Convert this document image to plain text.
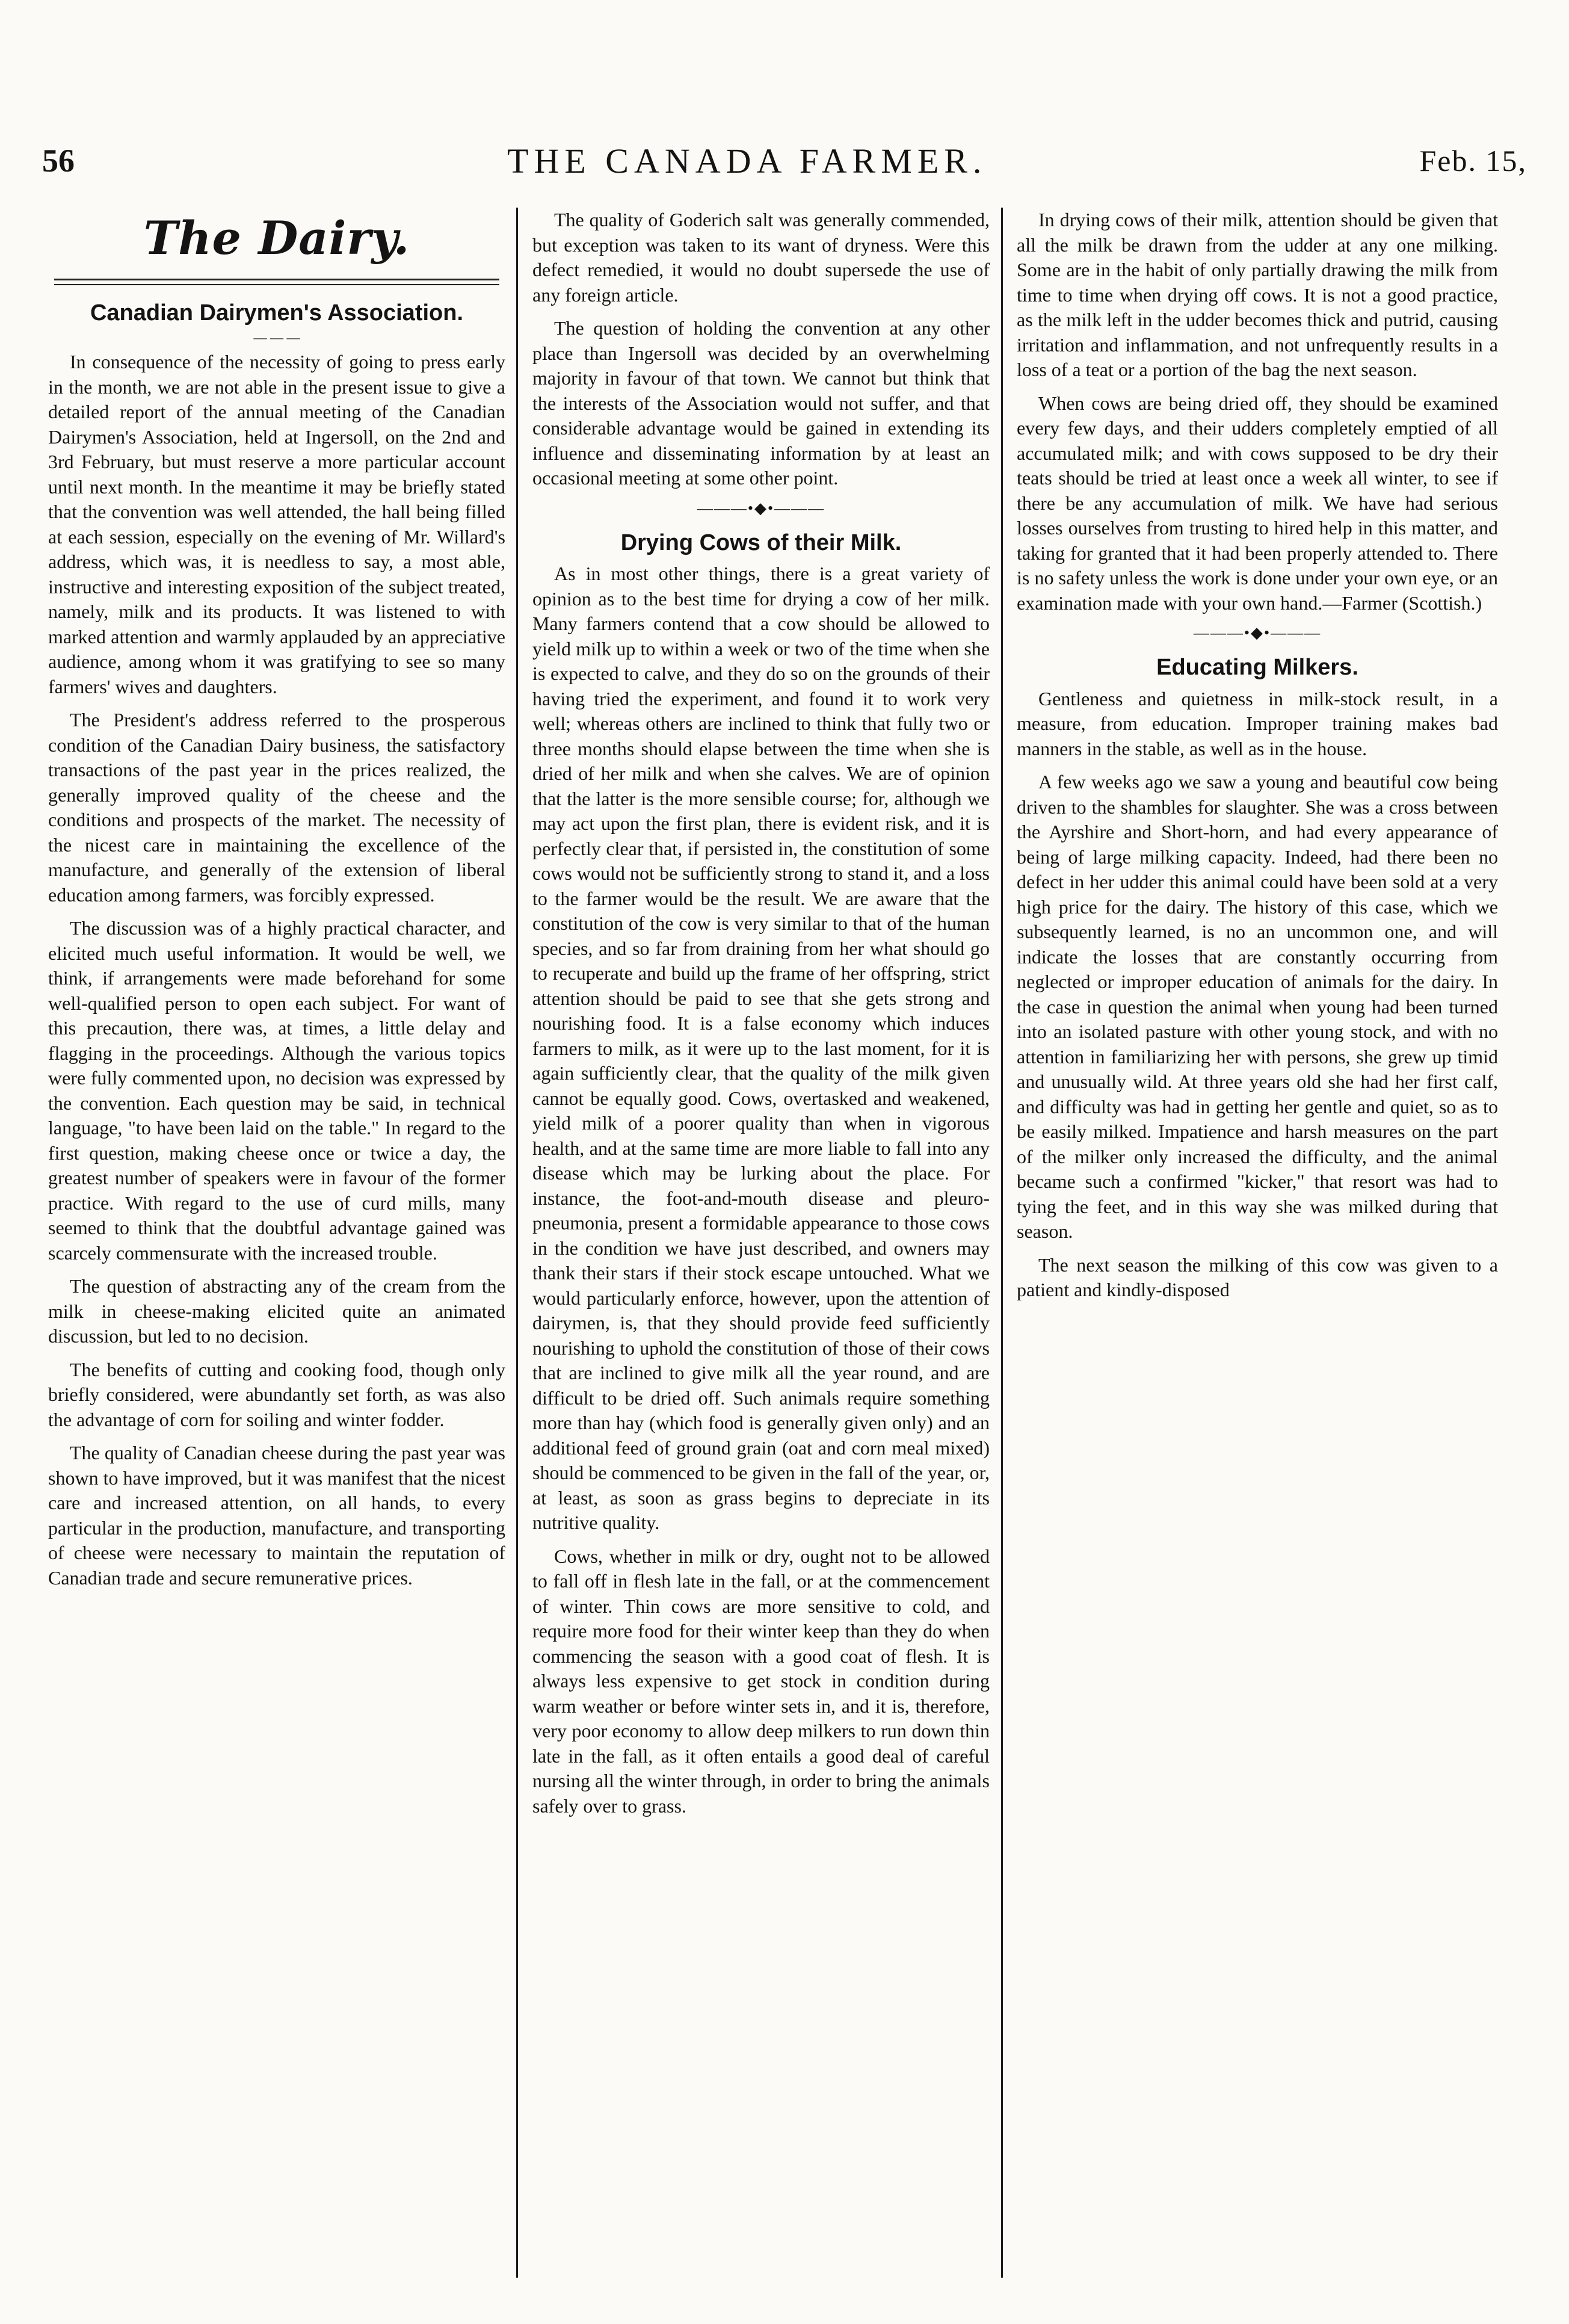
56	THE CANADA FARMER.	Feb. 15,
The Dairy.
Canadian Dairymen's Association.
— — —

In consequence of the necessity of going to press early in the month, we are not able in the present issue to give a detailed report of the annual meeting of the Canadian Dairymen's Association, held at Ingersoll, on the 2nd and 3rd February, but must reserve a more particular account until next month. In the meantime it may be briefly stated that the convention was well attended, the hall being filled at each session, especially on the evening of Mr. Willard's address, which was, it is needless to say, a most able, instructive and interesting exposition of the subject treated, namely, milk and its products. It was listened to with marked attention and warmly applauded by an appreciative audience, among whom it was gratifying to see so many farmers' wives and daughters.

The President's address referred to the prosperous condition of the Canadian Dairy business, the satisfactory transactions of the past year in the prices realized, the generally improved quality of the cheese and the conditions and prospects of the market. The necessity of the nicest care in maintaining the excellence of the manufacture, and generally of the extension of liberal education among farmers, was forcibly expressed.

The discussion was of a highly practical character, and elicited much useful information. It would be well, we think, if arrangements were made beforehand for some well-qualified person to open each subject. For want of this precaution, there was, at times, a little delay and flagging in the proceedings. Although the various topics were fully commented upon, no decision was expressed by the convention. Each question may be said, in technical language, "to have been laid on the table." In regard to the first question, making cheese once or twice a day, the greatest number of speakers were in favour of the former practice. With regard to the use of curd mills, many seemed to think that the doubtful advantage gained was scarcely commensurate with the increased trouble.

The question of abstracting any of the cream from the milk in cheese-making elicited quite an animated discussion, but led to no decision.

The benefits of cutting and cooking food, though only briefly considered, were abundantly set forth, as was also the advantage of corn for soiling and winter fodder.

The quality of Canadian cheese during the past year was shown to have improved, but it was manifest that the nicest care and increased attention, on all hands, to every particular in the production, manufacture, and transporting of cheese were necessary to maintain the reputation of Canadian trade and secure remunerative prices.

The quality of Goderich salt was generally commended, but exception was taken to its want of dryness. Were this defect remedied, it would no doubt supersede the use of any foreign article.

The question of holding the convention at any other place than Ingersoll was decided by an overwhelming majority in favour of that town. We cannot but think that the interests of the Association would not suffer, and that considerable advantage would be gained in extending its influence and disseminating information by at least an occasional meeting at some other point.

———•◆•———
Drying Cows of their Milk.

As in most other things, there is a great variety of opinion as to the best time for drying a cow of her milk. Many farmers contend that a cow should be allowed to yield milk up to within a week or two of the time when she is expected to calve, and they do so on the grounds of their having tried the experiment, and found it to work very well; whereas others are inclined to think that fully two or three months should elapse between the time when she is dried of her milk and when she calves. We are of opinion that the latter is the more sensible course; for, although we may act upon the first plan, there is evident risk, and it is perfectly clear that, if persisted in, the constitution of some cows would not be sufficiently strong to stand it, and a loss to the farmer would be the result. We are aware that the constitution of the cow is very similar to that of the human species, and so far from draining from her what should go to recuperate and build up the frame of her offspring, strict attention should be paid to see that she gets strong and nourishing food. It is a false economy which induces farmers to milk, as it were up to the last moment, for it is again sufficiently clear, that the quality of the milk given cannot be equally good. Cows, overtasked and weakened, yield milk of a poorer quality than when in vigorous health, and at the same time are more liable to fall into any disease which may be lurking about the place. For instance, the foot-and-mouth disease and pleuro-pneumonia, present a formidable appearance to those cows in the condition we have just described, and owners may thank their stars if their stock escape untouched. What we would particularly enforce, however, upon the attention of dairymen, is, that they should provide feed sufficiently nourishing to uphold the constitution of those of their cows that are inclined to give milk all the year round, and are difficult to be dried off. Such animals require something more than hay (which food is generally given only) and an additional feed of ground grain (oat and corn meal mixed) should be commenced to be given in the fall of the year, or, at least, as soon as grass begins to depreciate in its nutritive quality.

Cows, whether in milk or dry, ought not to be allowed to fall off in flesh late in the fall, or at the commencement of winter. Thin cows are more sensitive to cold, and require more food for their winter keep than they do when commencing the season with a good coat of flesh. It is always less expensive to get stock in condition during warm weather or before winter sets in, and it is, therefore, very poor economy to allow deep milkers to run down thin late in the fall, as it often entails a good deal of careful nursing all the winter through, in order to bring the animals safely over to grass.

In drying cows of their milk, attention should be given that all the milk be drawn from the udder at any one milking. Some are in the habit of only partially drawing the milk from time to time when drying off cows. It is not a good practice, as the milk left in the udder becomes thick and putrid, causing irritation and inflammation, and not unfrequently results in a loss of a teat or a portion of the bag the next season.

When cows are being dried off, they should be examined every few days, and their udders completely emptied of all accumulated milk; and with cows supposed to be dry their teats should be tried at least once a week all winter, to see if there be any accumulation of milk. We have had serious losses ourselves from trusting to hired help in this matter, and taking for granted that it had been properly attended to. There is no safety unless the work is done under your own eye, or an examination made with your own hand.—Farmer (Scottish.)

———•◆•———
Educating Milkers.

Gentleness and quietness in milk-stock result, in a measure, from education. Improper training makes bad manners in the stable, as well as in the house.

A few weeks ago we saw a young and beautiful cow being driven to the shambles for slaughter. She was a cross between the Ayrshire and Short-horn, and had every appearance of being of large milking capacity. Indeed, had there been no defect in her udder this animal could have been sold at a very high price for the dairy. The history of this case, which we subsequently learned, is no an uncommon one, and will indicate the losses that are constantly occurring from neglected or improper education of animals for the dairy. In the case in question the animal when young had been turned into an isolated pasture with other young stock, and with no attention in familiarizing her with persons, she grew up timid and unusually wild. At three years old she had her first calf, and difficulty was had in getting her gentle and quiet, so as to be easily milked. Impatience and harsh measures on the part of the milker only increased the difficulty, and the animal became such a confirmed "kicker," that resort was had to tying the feet, and in this way she was milked during that season.

The next season the milking of this cow was given to a patient and kindly-disposed
